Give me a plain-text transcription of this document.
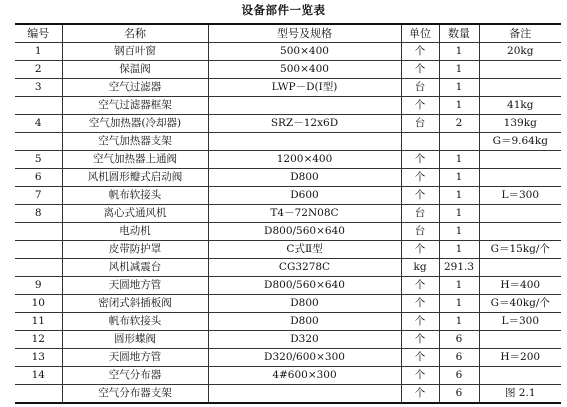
设备部件一览表
编号	名称	型号及规格	单位	数量	备注
1	钢百叶窗	500×400	个	1	20kg
2	保温阀	500×400	个	1	
3	空气过滤器	LWP－D(Ⅰ型)	台	1	
	空气过滤器框架		个	1	41kg
4	空气加热器(冷却器)	SRZ－12x6D	台	2	139kg
	空气加热器支架				G＝9.64kg
5	空气加热器上通阀	1200×400	个	1	
6	风机圆形瓣式启动阀	D800	个	1	
7	帆布软接头	D600	个	1	L＝300
8	离心式通风机	T4－72N08C	台	1	
	电动机	D800/560×640	台	1	
	皮带防护罩	C式Ⅱ型	个	1	G＝15kg/个
	风机减震台	CG3278C	kg	291.3	
9	天圆地方管	D800/560×640	个	1	H＝400
10	密闭式斜插板阀	D800	个	1	G＝40kg/个
11	帆布软接头	D800	个	1	L＝300
12	圆形蝶阀	D320	个	6	
13	天圆地方管	D320/600×300	个	6	H＝200
14	空气分布器	4#600×300	个	6	
	空气分布器支架		个	6	图 2.1
